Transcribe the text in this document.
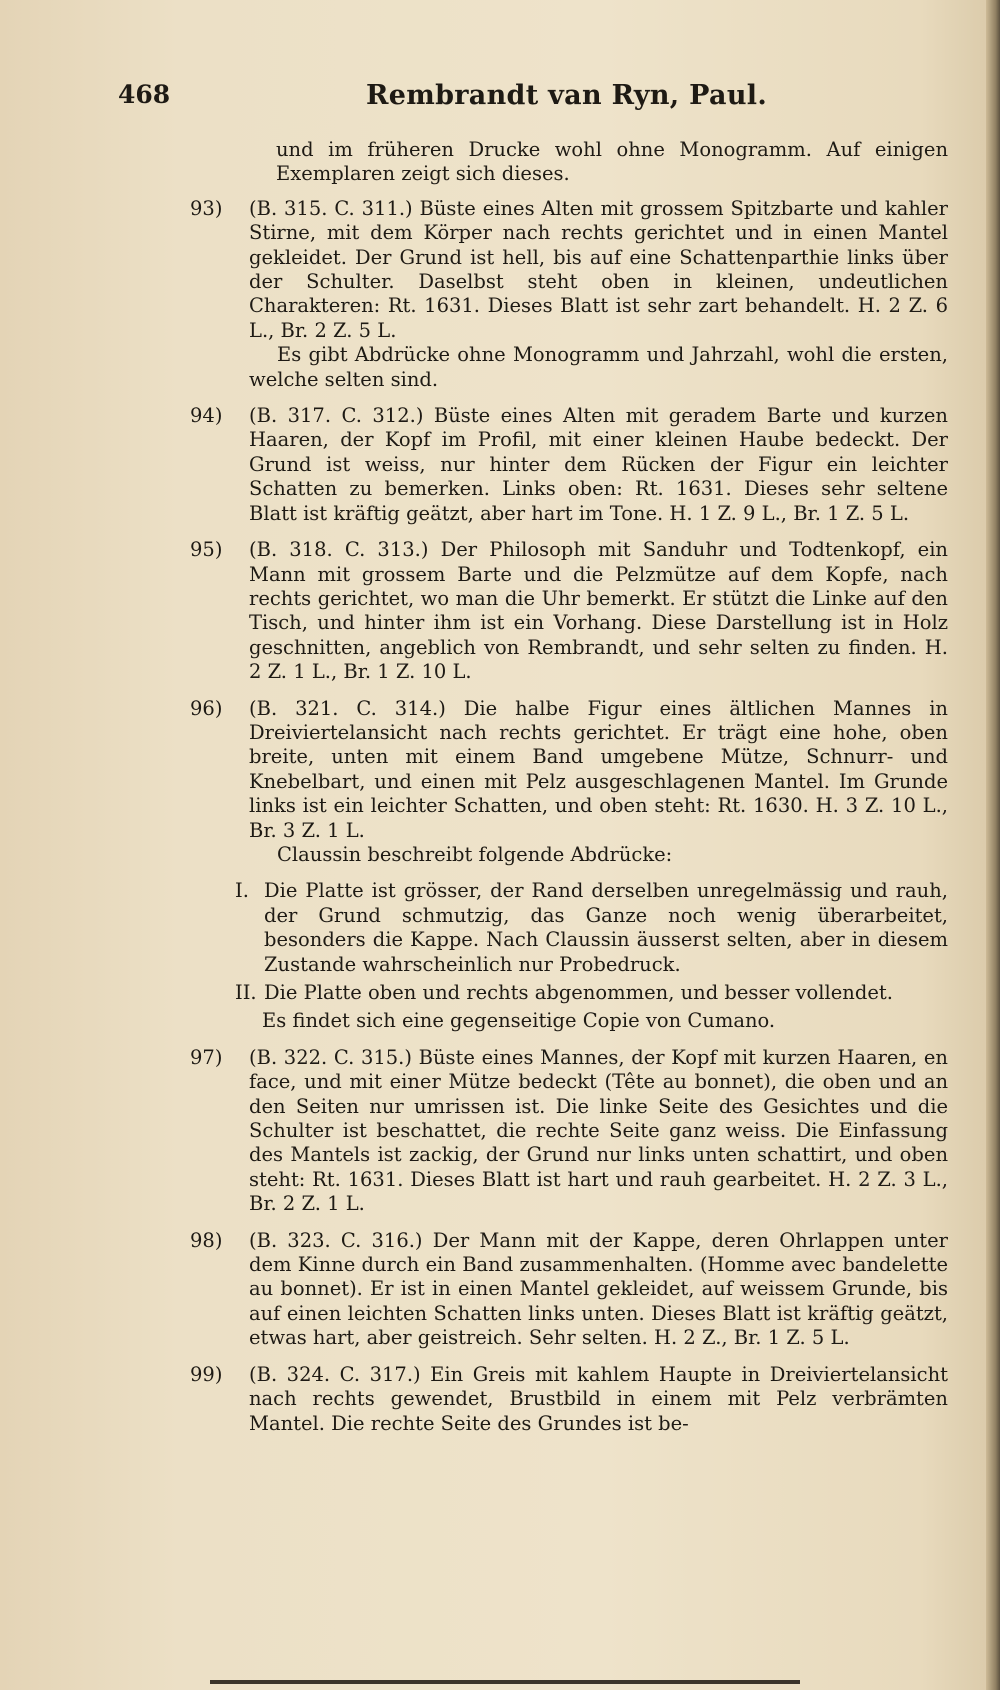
468	Rembrandt van Ryn, Paul.
und im früheren Drucke wohl ohne Monogramm. Auf einigen Exemplaren zeigt sich dieses.
93) (B. 315. C. 311.) Büste eines Alten mit grossem Spitzbarte und kahler Stirne, mit dem Körper nach rechts gerichtet und in einen Mantel gekleidet. Der Grund ist hell, bis auf eine Schattenparthie links über der Schulter. Daselbst steht oben in kleinen, undeutlichen Charakteren: Rt. 1631. Dieses Blatt ist sehr zart behandelt. H. 2 Z. 6 L., Br. 2 Z. 5 L.
Es gibt Abdrücke ohne Monogramm und Jahrzahl, wohl die ersten, welche selten sind.
94) (B. 317. C. 312.) Büste eines Alten mit geradem Barte und kurzen Haaren, der Kopf im Profil, mit einer kleinen Haube bedeckt. Der Grund ist weiss, nur hinter dem Rücken der Figur ein leichter Schatten zu bemerken. Links oben: Rt. 1631. Dieses sehr seltene Blatt ist kräftig geätzt, aber hart im Tone. H. 1 Z. 9 L., Br. 1 Z. 5 L.
95) (B. 318. C. 313.) Der Philosoph mit Sanduhr und Todtenkopf, ein Mann mit grossem Barte und die Pelzmütze auf dem Kopfe, nach rechts gerichtet, wo man die Uhr bemerkt. Er stützt die Linke auf den Tisch, und hinter ihm ist ein Vorhang. Diese Darstellung ist in Holz geschnitten, angeblich von Rembrandt, und sehr selten zu finden. H. 2 Z. 1 L., Br. 1 Z. 10 L.
96) (B. 321. C. 314.) Die halbe Figur eines ältlichen Mannes in Dreiviertelansicht nach rechts gerichtet. Er trägt eine hohe, oben breite, unten mit einem Band umgebene Mütze, Schnurr- und Knebelbart, und einen mit Pelz ausgeschlagenen Mantel. Im Grunde links ist ein leichter Schatten, und oben steht: Rt. 1630. H. 3 Z. 10 L., Br. 3 Z. 1 L.
Claussin beschreibt folgende Abdrücke:
I. Die Platte ist grösser, der Rand derselben unregelmässig und rauh, der Grund schmutzig, das Ganze noch wenig überarbeitet, besonders die Kappe. Nach Claussin äusserst selten, aber in diesem Zustande wahrscheinlich nur Probedruck.
II. Die Platte oben und rechts abgenommen, und besser vollendet.
Es findet sich eine gegenseitige Copie von Cumano.
97) (B. 322. C. 315.) Büste eines Mannes, der Kopf mit kurzen Haaren, en face, und mit einer Mütze bedeckt (Tête au bonnet), die oben und an den Seiten nur umrissen ist. Die linke Seite des Gesichtes und die Schulter ist beschattet, die rechte Seite ganz weiss. Die Einfassung des Mantels ist zackig, der Grund nur links unten schattirt, und oben steht: Rt. 1631. Dieses Blatt ist hart und rauh gearbeitet. H. 2 Z. 3 L., Br. 2 Z. 1 L.
98) (B. 323. C. 316.) Der Mann mit der Kappe, deren Ohrlappen unter dem Kinne durch ein Band zusammenhalten. (Homme avec bandelette au bonnet). Er ist in einen Mantel gekleidet, auf weissem Grunde, bis auf einen leichten Schatten links unten. Dieses Blatt ist kräftig geätzt, etwas hart, aber geistreich. Sehr selten. H. 2 Z., Br. 1 Z. 5 L.
99) (B. 324. C. 317.) Ein Greis mit kahlem Haupte in Dreiviertelansicht nach rechts gewendet, Brustbild in einem mit Pelz verbrämten Mantel. Die rechte Seite des Grundes ist be-
